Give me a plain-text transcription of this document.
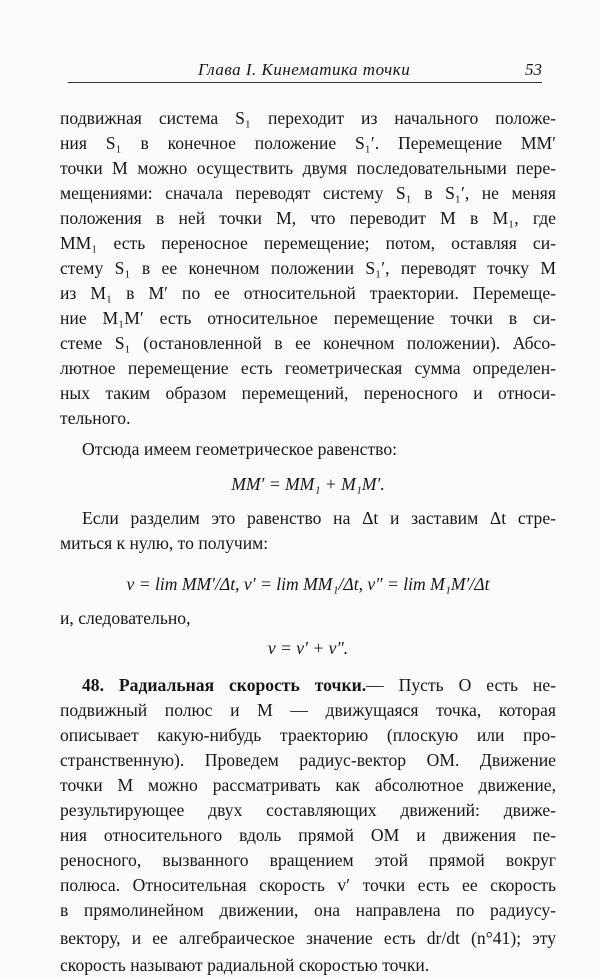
Глава I. Кинематика точки	53
подвижная система S₁ переходит из начального положе-
ния S₁ в конечное положение S₁′. Перемещение MM′
точки M можно осуществить двумя последовательными пере-
мещениями: сначала переводят систему S₁ в S₁′, не меняя
положения в ней точки M, что переводит M в M₁, где
MM₁ есть переносное перемещение; потом, оставляя си-
стему S₁ в ее конечном положении S₁′, переводят точку M
из M₁ в M′ по ее относительной траектории. Перемеще-
ние M₁M′ есть относительное перемещение точки в си-
стеме S₁ (остановленной в ее конечном положении). Абсо-
лютное перемещение есть геометрическая сумма определен-
ных таким образом перемещений, переносного и относи-
тельного.
Отсюда имеем геометрическое равенство:
MM′ = MM₁ + M₁M′.
Если разделим это равенство на Δt и заставим Δt стре-
миться к нулю, то получим:
v = lim MM′/Δt, v′ = lim MM₁/Δt, v″ = lim M₁M′/Δt
и, следовательно,
v = v′ + v″.
48. Радиальная скорость точки.— Пусть O есть не-
подвижный полюс и M — движущаяся точка, которая
описывает какую-нибудь траекторию (плоскую или про-
странственную). Проведем радиус-вектор OM. Движение
точки M можно рассматривать как абсолютное движение,
результирующее двух составляющих движений: движе-
ния относительного вдоль прямой OM и движения пе-
реносного, вызванного вращением этой прямой вокруг
полюса. Относительная скорость v′ точки есть ее скорость
в прямолинейном движении, она направлена по радиусу-
вектору, и ее алгебраическое значение есть dr/dt (n°41); эту
скорость называют радиальной скоростью точки.
